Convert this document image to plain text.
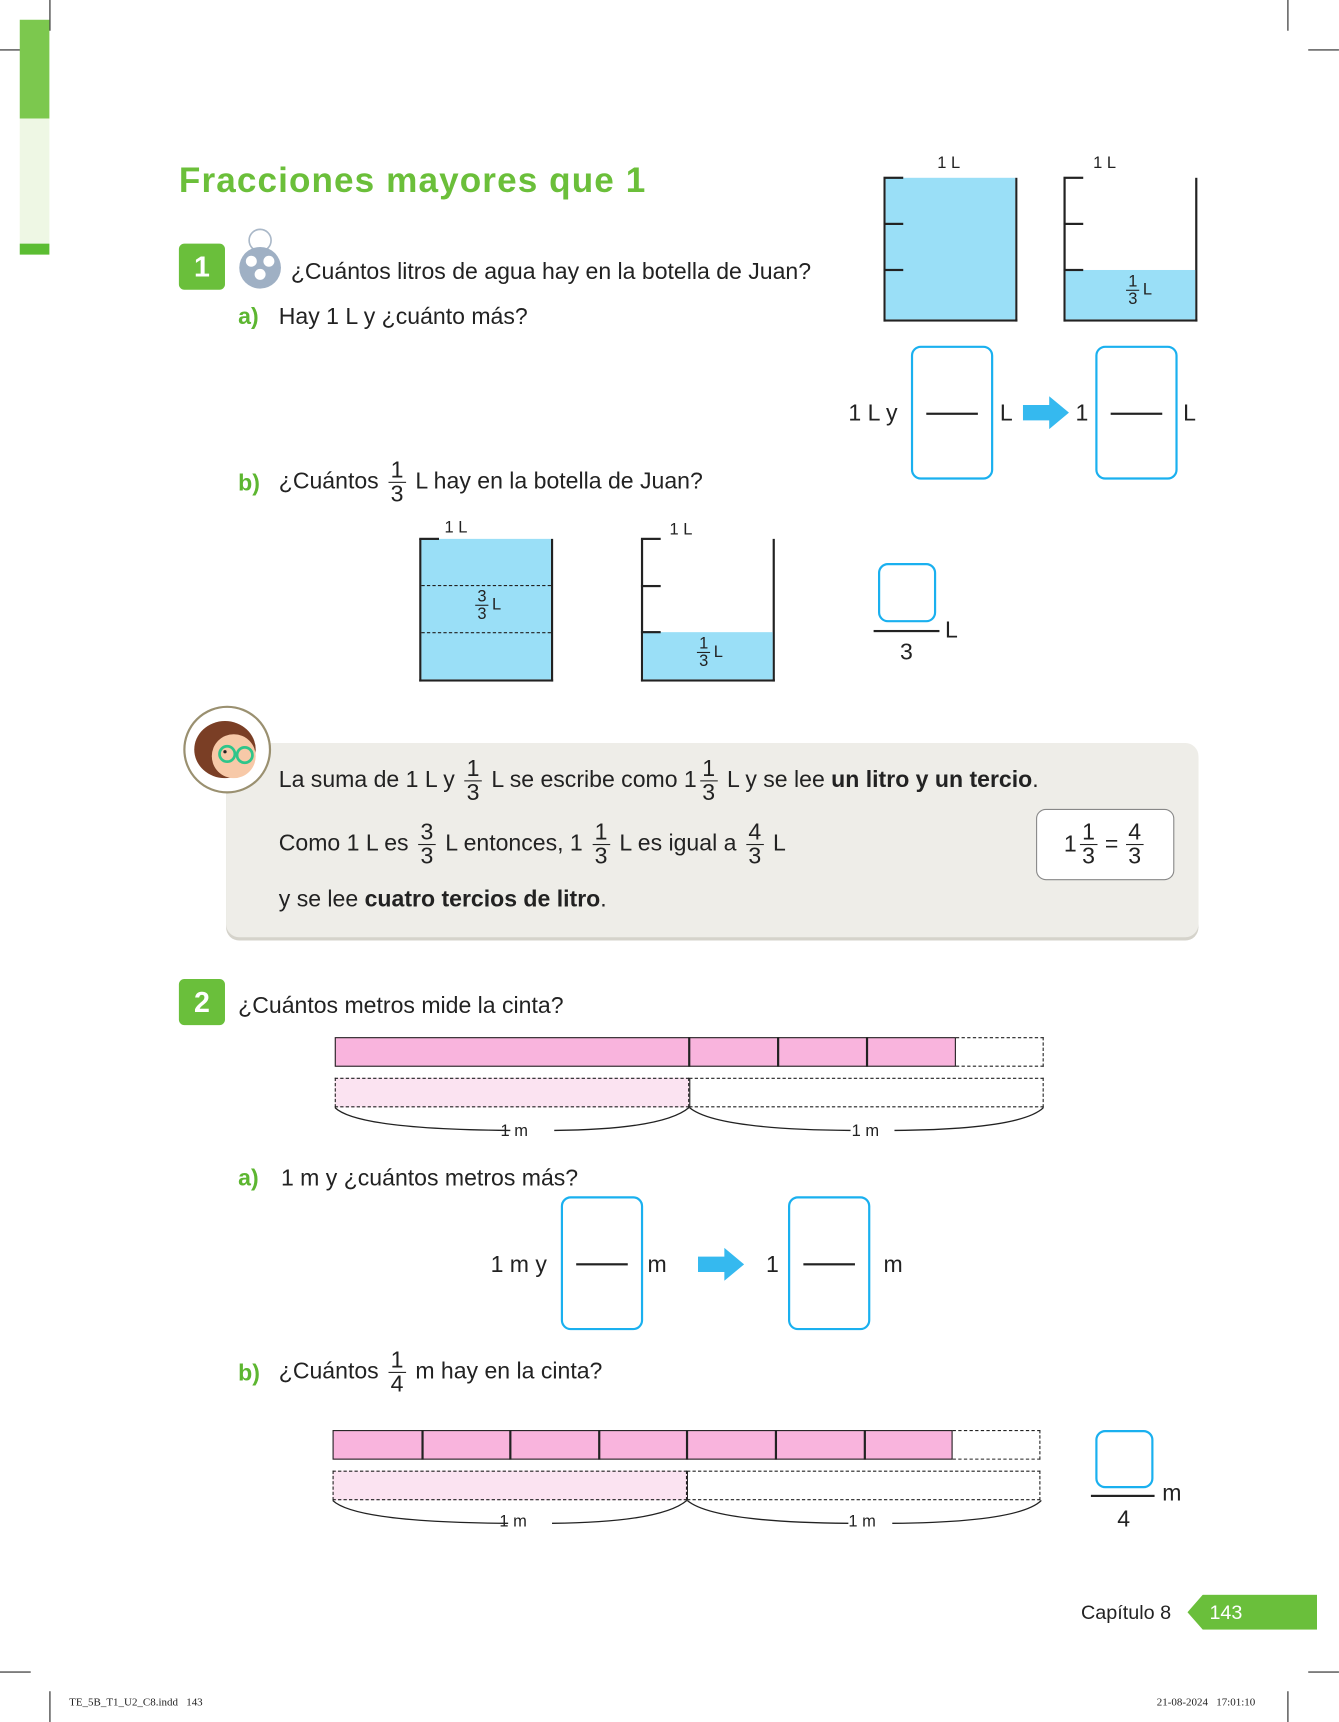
Fracciones mayores que 1
1	¿Cuántos litros de agua hay en la botella de Juan?
a) Hay 1 L y ¿cuánto más?
1 L	1 L
$\frac{1}{3}$ L
1 L y	L	1	L
b) ¿Cuántos $\frac{1}{3}$ L hay en la botella de Juan?
1 L
$\frac{3}{3}$ L
1 L
$\frac{1}{3}$ L	3
L
La suma de 1 L y $\frac{1}{3}$ L se escribe como $1 \frac{1}{3}$ L y se lee un litro y un tercio.
Como 1 L es $\frac{3}{3}$ L entonces, $1 \frac{1}{3}$ L es igual a $\frac{4}{3}$ L
y se lee cuatro tercios de litro.
$1 \frac{1}{3} = \frac{4}{3}$
2	¿Cuántos metros mide la cinta?
1 m	1 m
a) 1 m y ¿cuántos metros más?
1 m y	m	1	m
b) ¿Cuántos $\frac{1}{4}$ m hay en la cinta?
1 m	1 m	4
m
Capítulo 8 143
TE_5B_T1_U2_C8.indd   143	21-08-2024   17:01:10
